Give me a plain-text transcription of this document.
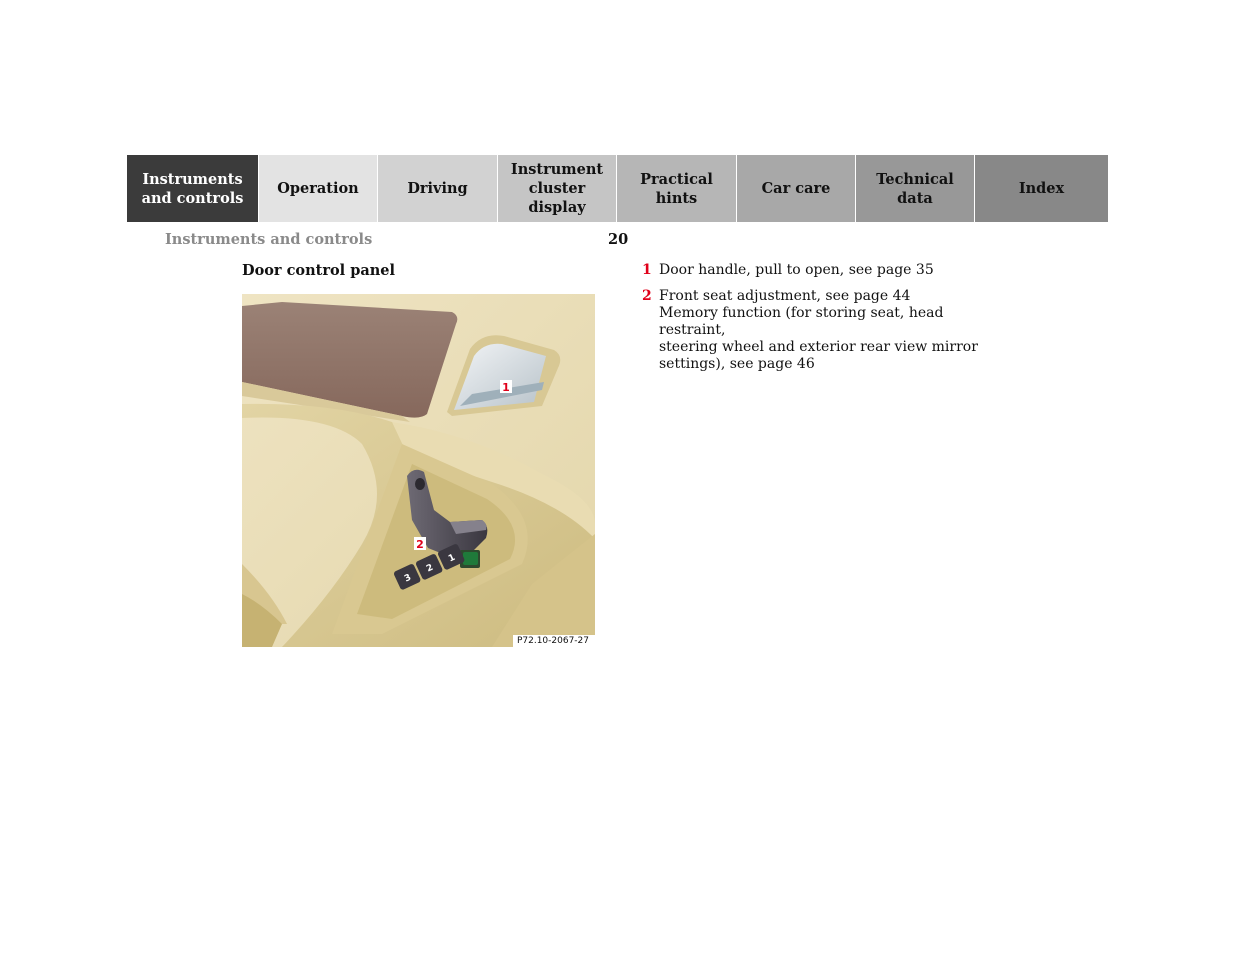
Instruments
and controls
Operation	Driving
Instrument
cluster display
Practical hints
Car care
Technical
data
Index
Instruments and controls	20
Door control panel
3
2
1
1
2
P72.10-2067-27
1 Door handle, pull to open, see page 35
2 Front seat adjustment, see page 44
Memory function (for storing seat, head restraint,
steering wheel and exterior rear view mirror
settings), see page 46
